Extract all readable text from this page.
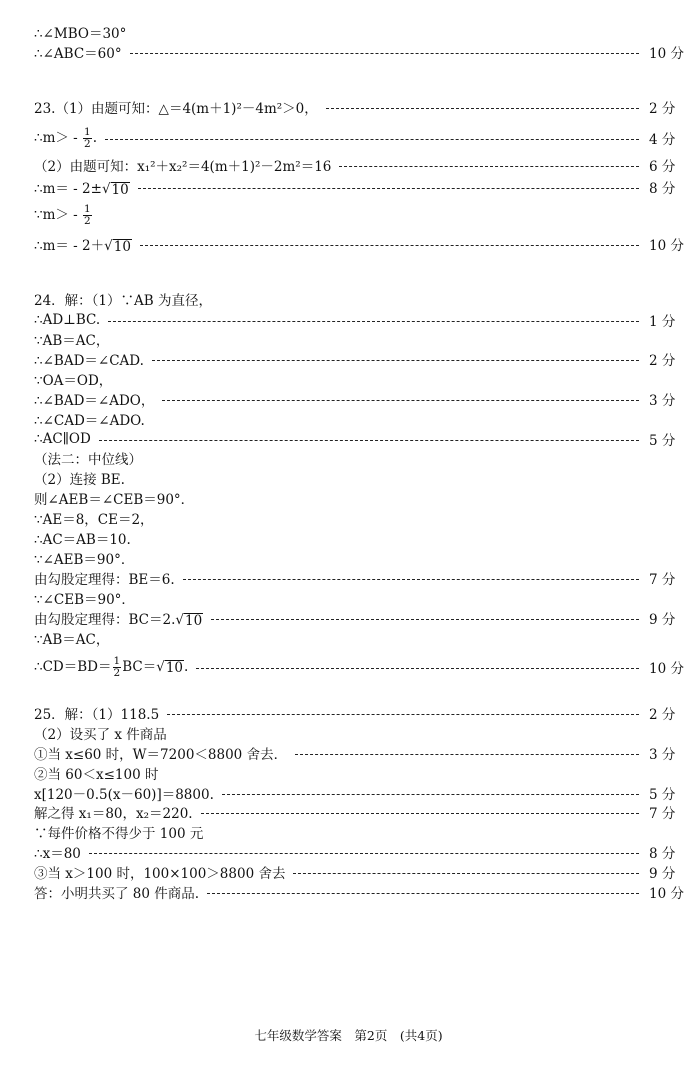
∴∠MBO＝30°
∴∠ABC＝60°	10 分
23.（1）由题可知：△＝4(m＋1)²－4m²＞0，	2 分
∴m＞ - $\frac{1}{2}$ .	4 分
（2）由题可知：x₁²＋x₂²＝4(m＋1)²－2m²＝16	6 分
∴m＝ - 2± √ 10	8 分
∵m＞ - $\frac{1}{2}$
∴m＝ - 2＋ √ 10	10 分
24．解：（1）∵AB 为直径，
∴AD⊥BC.	1 分
∵AB＝AC，
∴∠BAD＝∠CAD.	2 分
∵OA＝OD，
∴∠BAD＝∠ADO，	3 分
∴∠CAD＝∠ADO.
∴AC∥OD	5 分
（法二：中位线）
（2）连接 BE.
则∠AEB＝∠CEB＝90°．
∵AE＝8，CE＝2，
∴AC＝AB＝10.
∵∠AEB＝90°．
由勾股定理得：BE＝6.	7 分
∵∠CEB＝90°．
由勾股定理得：BC＝2. √ 10	9 分
∵AB＝AC，
∴CD＝BD＝ $\frac{1}{2} BC=$ √ 10 .	10 分
25．解：（1）118.5	2 分
（2）设买了 x 件商品
①当 x≤60 时，W＝7200＜8800 舍去．	3 分
②当 60＜x≤100 时
x[120－0.5(x－60)]＝8800.	5 分
解之得 x₁＝80，x₂＝220.	7 分
∵每件价格不得少于 100 元
∴x＝80	8 分
③当 x＞100 时，100×100＞8800 舍去	9 分
答：小明共买了 80 件商品.	10 分
七年级数学答案　第2页　(共4页)
